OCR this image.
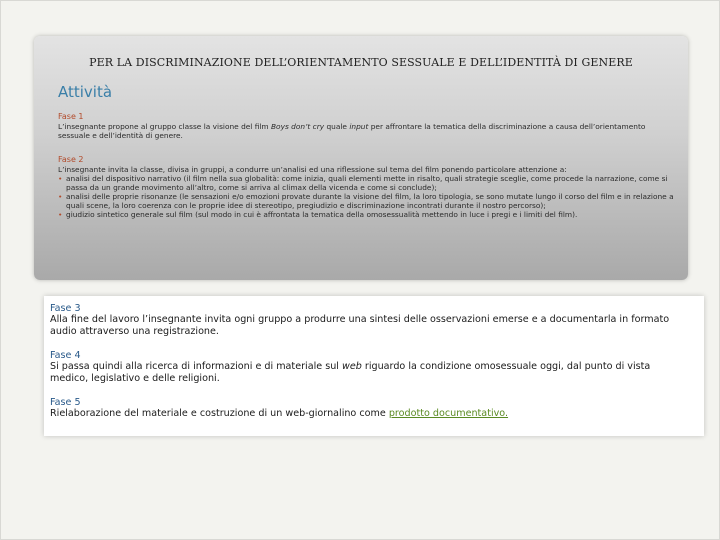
PER LA DISCRIMINAZIONE DELL’ORIENTAMENTO SESSUALE E DELL’IDENTITÀ DI GENERE
Attività

Fase 1

L’insegnante propone al gruppo classe la visione del film Boys don’t cry quale input per affrontare la tematica della discriminazione a causa dell’orientamento sessuale e dell’identità di genere.

Fase 2

L’insegnante invita la classe, divisa in gruppi, a condurre un’analisi ed una riflessione sul tema del film ponendo particolare attenzione a:

• analisi del dispositivo narrativo (il film nella sua globalità: come inizia, quali elementi mette in risalto, quali strategie sceglie, come procede la narrazione, come si passa da un grande movimento all’altro, come si arriva al climax della vicenda e come si conclude);
• analisi delle proprie risonanze (le sensazioni e/o emozioni provate durante la visione del film, la loro tipologia, se sono mutate lungo il corso del film e in relazione a quali scene, la loro coerenza con le proprie idee di stereotipo, pregiudizio e discriminazione incontrati durante il nostro percorso);
• giudizio sintetico generale sul film (sul modo in cui è affrontata la tematica della omosessualità mettendo in luce i pregi e i limiti del film).

Fase 3

Alla fine del lavoro l’insegnante invita ogni gruppo a produrre una sintesi delle osservazioni emerse e a documentarla in formato audio attraverso una registrazione.

Fase 4

Si passa quindi alla ricerca di informazioni e di materiale sul web riguardo la condizione omosessuale oggi, dal punto di vista medico, legislativo e delle religioni.

Fase 5

Rielaborazione del materiale e costruzione di un web-giornalino come prodotto documentativo.
